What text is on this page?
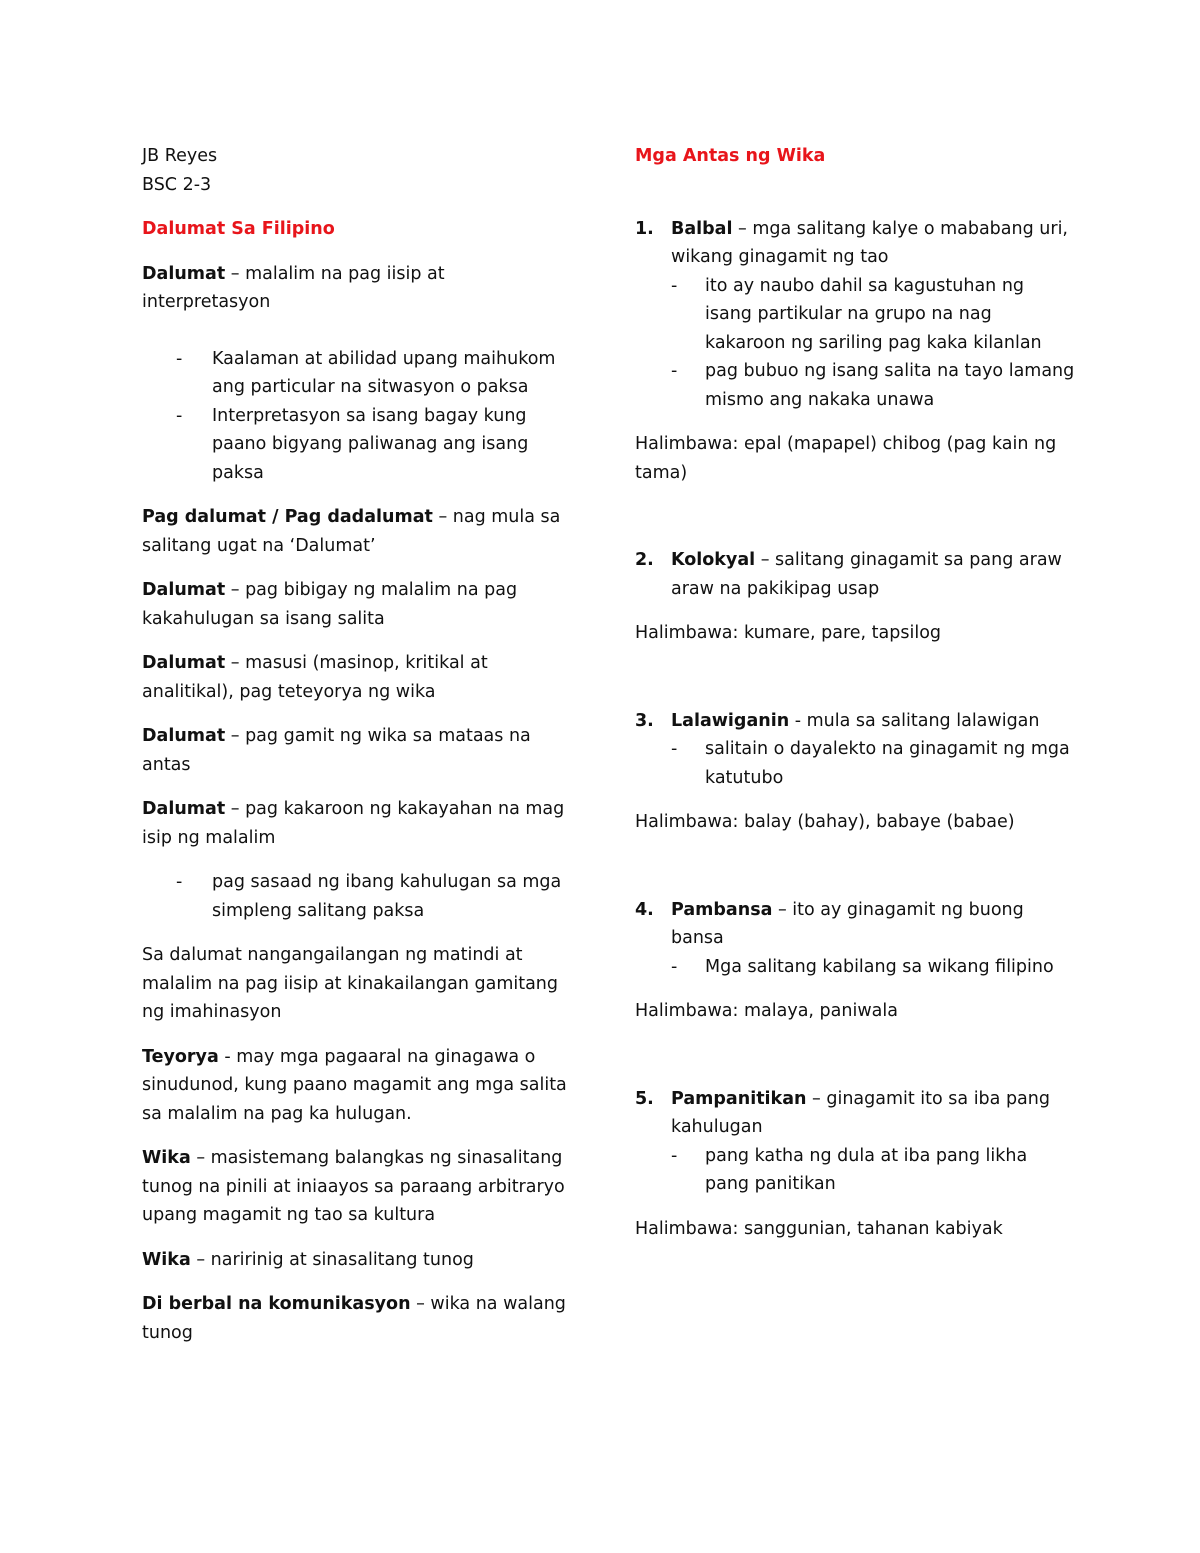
JB Reyes

BSC 2-3

Dalumat Sa Filipino

Dalumat – malalim na pag iisip at interpretasyon

- Kaalaman at abilidad upang maihukom ang particular na sitwasyon o paksa
- Interpretasyon sa isang bagay kung paano bigyang paliwanag ang isang paksa

Pag dalumat / Pag dadalumat – nag mula sa salitang ugat na ‘Dalumat’

Dalumat – pag bibigay ng malalim na pag kakahulugan sa isang salita

Dalumat – masusi (masinop, kritikal at analitikal), pag teteyorya ng wika

Dalumat – pag gamit ng wika sa mataas na antas

Dalumat – pag kakaroon ng kakayahan na mag isip ng malalim

- pag sasaad ng ibang kahulugan sa mga simpleng salitang paksa

Sa dalumat nangangailangan ng matindi at malalim na pag iisip at kinakailangan gamitang ng imahinasyon

Teyorya - may mga pagaaral na ginagawa o sinudunod, kung paano magamit ang mga salita sa malalim na pag ka hulugan.

Wika – masistemang balangkas ng sinasalitang tunog na pinili at iniaayos sa paraang arbitraryo upang magamit ng tao sa kultura

Wika – naririnig at sinasalitang tunog

Di berbal na komunikasyon – wika na walang tunog

Mga Antas ng Wika

1. Balbal – mga salitang kalye o mababang uri, wikang ginagamit ng tao
- ito ay naubo dahil sa kagustuhan ng isang partikular na grupo na nag kakaroon ng sariling pag kaka kilanlan
- pag bubuo ng isang salita na tayo lamang mismo ang nakaka unawa

Halimbawa: epal (mapapel) chibog (pag kain ng tama)

2. Kolokyal – salitang ginagamit sa pang araw araw na pakikipag usap

Halimbawa: kumare, pare, tapsilog

3. Lalawiganin - mula sa salitang lalawigan
- salitain o dayalekto na ginagamit ng mga katutubo

Halimbawa: balay (bahay), babaye (babae)

4. Pambansa – ito ay ginagamit ng buong bansa
- Mga salitang kabilang sa wikang filipino

Halimbawa: malaya, paniwala

5. Pampanitikan – ginagamit ito sa iba pang kahulugan
- pang katha ng dula at iba pang likha pang panitikan

Halimbawa: sanggunian, tahanan kabiyak
